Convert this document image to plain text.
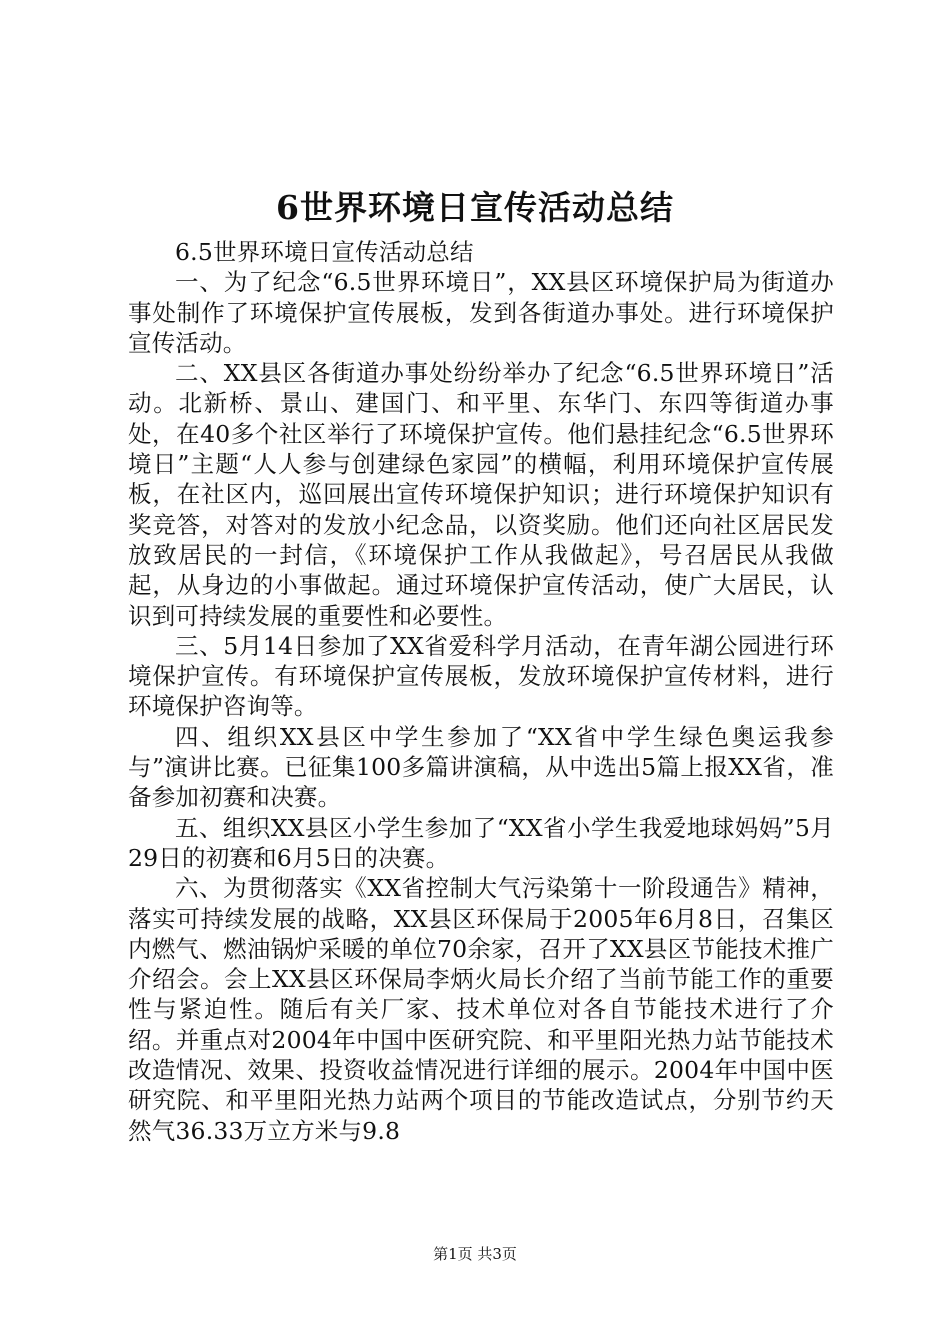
6世界环境日宣传活动总结

6.5世界环境日宣传活动总结

一、为了纪念“6.5世界环境日”，XX县区环境保护局为街道办事处制作了环境保护宣传展板，发到各街道办事处。进行环境保护宣传活动。

二、XX县区各街道办事处纷纷举办了纪念“6.5世界环境日”活动。北新桥、景山、建国门、和平里、东华门、东四等街道办事处，在40多个社区举行了环境保护宣传。他们悬挂纪念“6.5世界环境日”主题“人人参与创建绿色家园”的横幅，利用环境保护宣传展板，在社区内，巡回展出宣传环境保护知识；进行环境保护知识有奖竞答，对答对的发放小纪念品，以资奖励。他们还向社区居民发放致居民的一封信，《环境保护工作从我做起》，号召居民从我做起，从身边的小事做起。通过环境保护宣传活动，使广大居民，认识到可持续发展的重要性和必要性。

三、5月14日参加了XX省爱科学月活动，在青年湖公园进行环境保护宣传。有环境保护宣传展板，发放环境保护宣传材料，进行环境保护咨询等。

四、组织XX县区中学生参加了“XX省中学生绿色奥运我参与”演讲比赛。已征集100多篇讲演稿，从中选出5篇上报XX省，准备参加初赛和决赛。

五、组织XX县区小学生参加了“XX省小学生我爱地球妈妈”5月29日的初赛和6月5日的决赛。

六、为贯彻落实《XX省控制大气污染第十一阶段通告》精神，落实可持续发展的战略，XX县区环保局于2005年6月8日，召集区内燃气、燃油锅炉采暖的单位70余家，召开了XX县区节能技术推广介绍会。会上XX县区环保局李炳火局长介绍了当前节能工作的重要性与紧迫性。随后有关厂家、技术单位对各自节能技术进行了介绍。并重点对2004年中国中医研究院、和平里阳光热力站节能技术改造情况、效果、投资收益情况进行详细的展示。2004年中国中医研究院、和平里阳光热力站两个项目的节能改造试点，分别节约天然气36.33万立方米与9.8

第1页 共3页
